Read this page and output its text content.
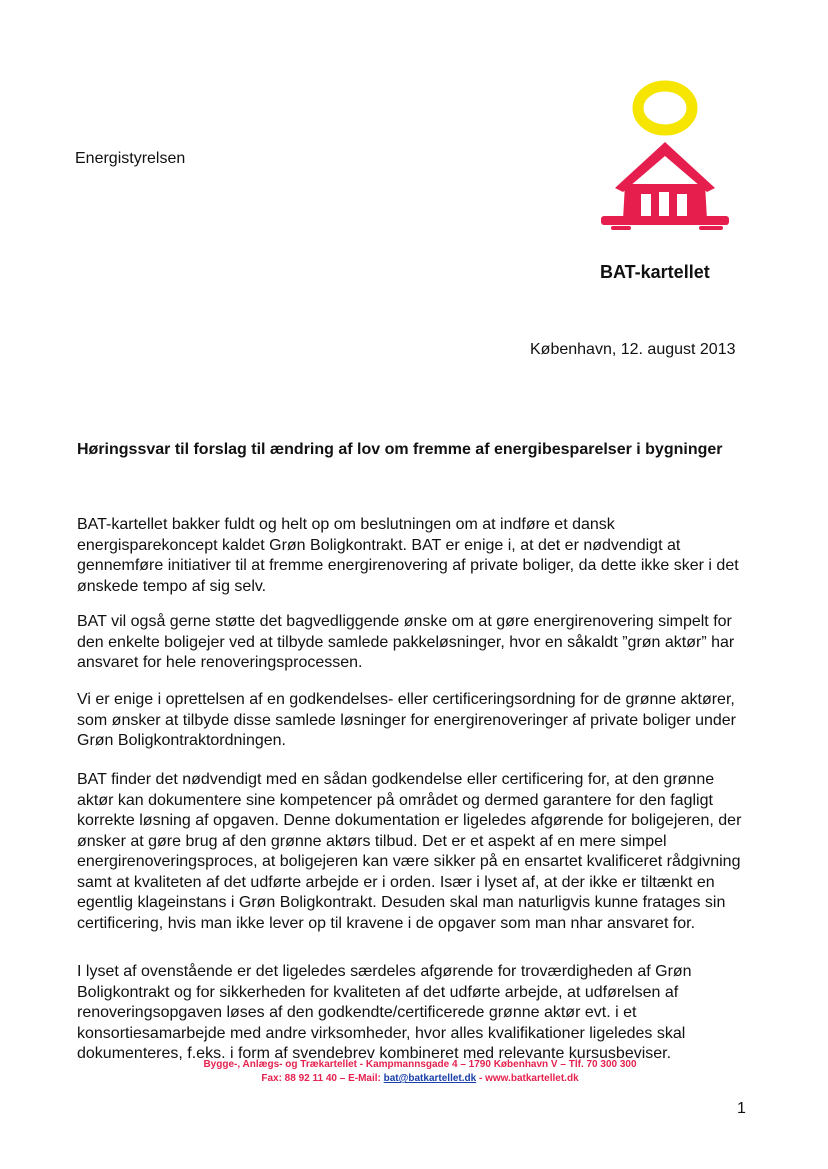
Energistyrelsen
BAT-kartellet
København, 12. august 2013
Høringssvar til forslag til ændring af lov om fremme af energibesparelser i bygninger
BAT-kartellet bakker fuldt og helt op om beslutningen om at indføre et dansk energisparekoncept kaldet Grøn Boligkontrakt. BAT er enige i, at det er nødvendigt at gennemføre initiativer til at fremme energirenovering af private boliger, da dette ikke sker i det ønskede tempo af sig selv.
BAT vil også gerne støtte det bagvedliggende ønske om at gøre energirenovering simpelt for den enkelte boligejer ved at tilbyde samlede pakkeløsninger, hvor en såkaldt ”grøn aktør” har ansvaret for hele renoveringsprocessen.
Vi er enige i oprettelsen af en godkendelses- eller certificeringsordning for de grønne aktører, som ønsker at tilbyde disse samlede løsninger for energirenoveringer af private boliger under Grøn Boligkontraktordningen.
BAT finder det nødvendigt med en sådan godkendelse eller certificering for, at den grønne aktør kan dokumentere sine kompetencer på området og dermed garantere for den fagligt korrekte løsning af opgaven. Denne dokumentation er ligeledes afgørende for boligejeren, der ønsker at gøre brug af den grønne aktørs tilbud. Det er et aspekt af en mere simpel energirenoveringsproces, at boligejeren kan være sikker på en ensartet kvalificeret rådgivning samt at kvaliteten af det udførte arbejde er i orden. Især i lyset af, at der ikke er tiltænkt en egentlig klageinstans i Grøn Boligkontrakt. Desuden skal man naturligvis kunne fratages sin certificering, hvis man ikke lever op til kravene i de opgaver som man nhar ansvaret for.
I lyset af ovenstående er det ligeledes særdeles afgørende for troværdigheden af Grøn Boligkontrakt og for sikkerheden for kvaliteten af det udførte arbejde, at udførelsen af renoveringsopgaven løses af den godkendte/certificerede grønne aktør evt. i et konsortiesamarbejde med andre virksomheder, hvor alles kvalifikationer ligeledes skal dokumenteres, f.eks. i form af svendebrev kombineret med relevante kursusbeviser.
Bygge-, Anlægs- og Trækartellet - Kampmannsgade 4 – 1790 København V – Tlf. 70 300 300
Fax: 88 92 11 40 – E-Mail: bat@batkartellet.dk - www.batkartellet.dk
1
